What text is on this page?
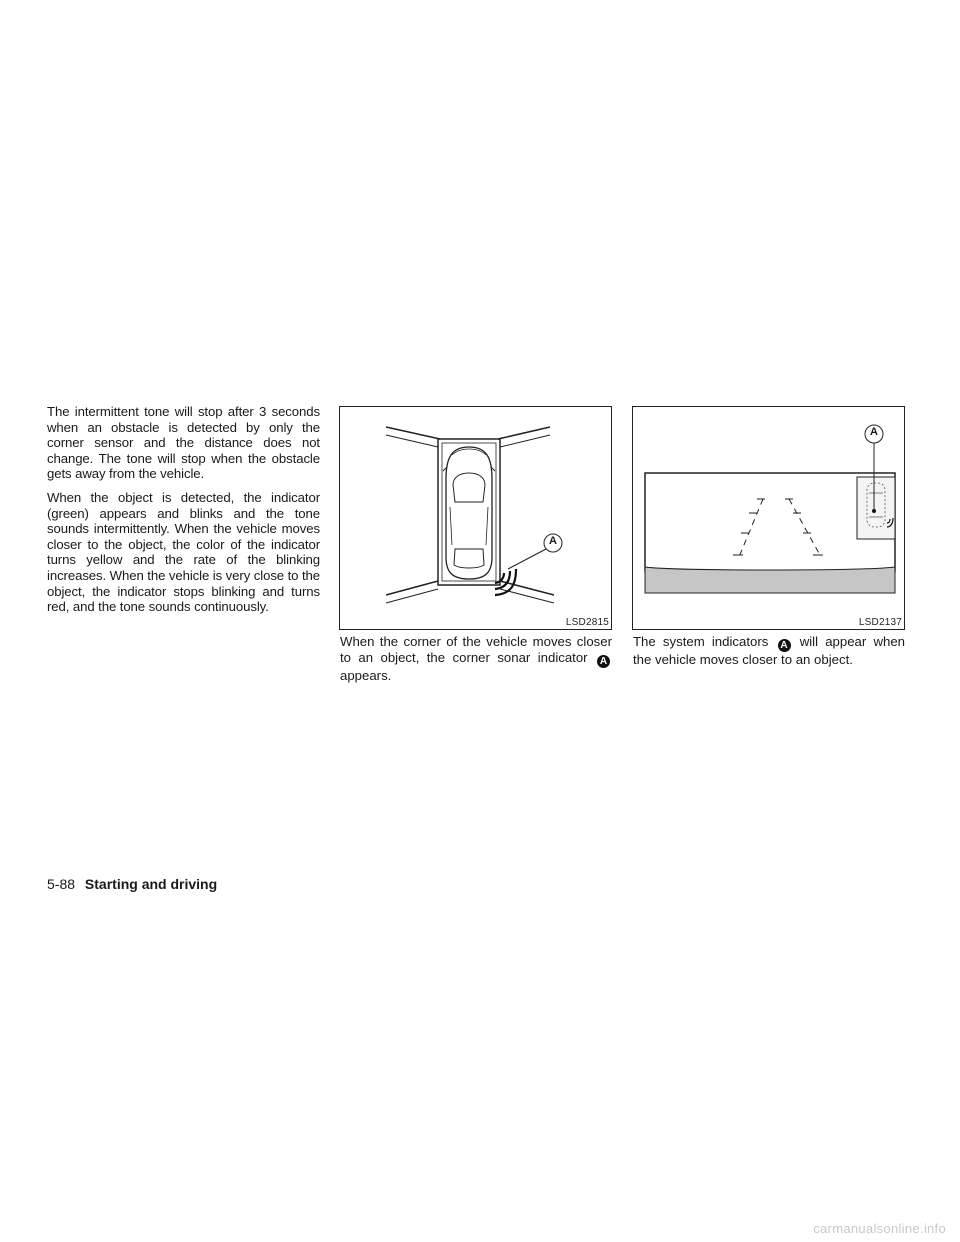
The intermittent tone will stop after 3 seconds when an obstacle is detected by only the corner sensor and the distance does not change. The tone will stop when the obstacle gets away from the vehicle.

When the object is detected, the indicator (green) appears and blinks and the tone sounds intermittently. When the vehicle moves closer to the object, the color of the indicator turns yellow and the rate of the blinking increases. When the vehicle is very close to the object, the indicator stops blinking and turns red, and the tone sounds continuously.

A
LSD2815
A
LSD2137
When the corner of the vehicle moves closer to an object, the corner sonar indicator A appears.
The system indicators A will appear when the vehicle moves closer to an object.
5-88 Starting and driving
carmanualsonline.info
